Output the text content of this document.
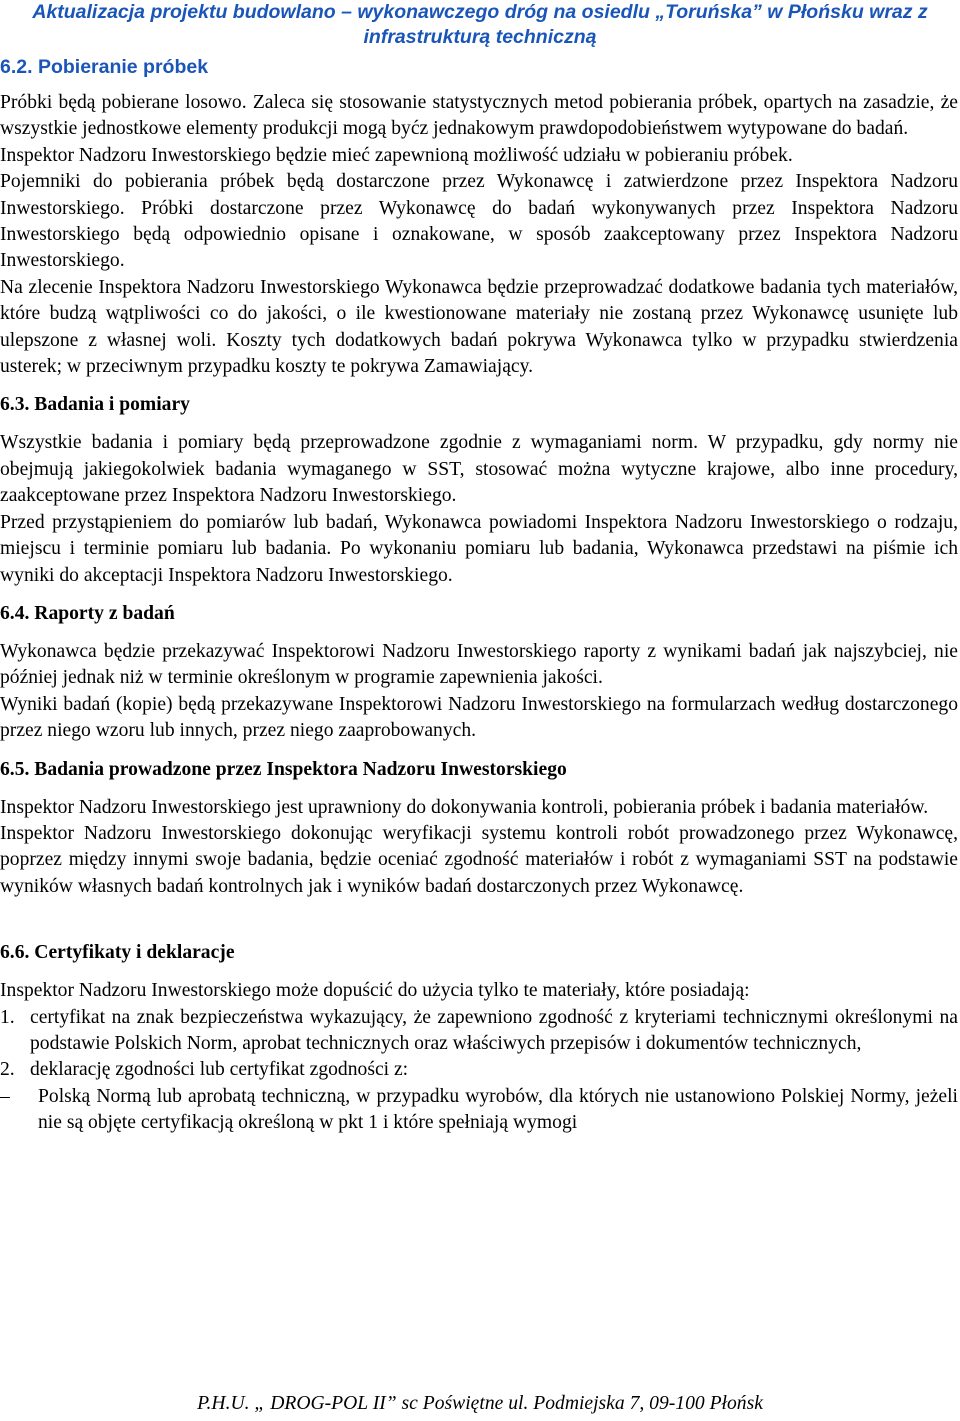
Aktualizacja projektu budowlano – wykonawczego dróg na osiedlu „Toruńska” w Płońsku wraz z
infrastrukturą techniczną
6.2. Pobieranie próbek

Próbki będą pobierane losowo. Zaleca się stosowanie statystycznych metod pobierania próbek, opartych na zasadzie, że wszystkie jednostkowe elementy produkcji mogą byćz jednakowym prawdopodobieństwem wytypowane do badań.

Inspektor Nadzoru Inwestorskiego będzie mieć zapewnioną możliwość udziału w pobieraniu próbek.

Pojemniki do pobierania próbek będą dostarczone przez Wykonawcę i zatwierdzone przez Inspektora Nadzoru Inwestorskiego. Próbki dostarczone przez Wykonawcę do badań wykonywanych przez Inspektora Nadzoru Inwestorskiego będą odpowiednio opisane i oznakowane, w sposób zaakceptowany przez Inspektora Nadzoru Inwestorskiego.

Na zlecenie Inspektora Nadzoru Inwestorskiego Wykonawca będzie przeprowadzać dodatkowe badania tych materiałów, które budzą wątpliwości co do jakości, o ile kwestionowane materiały nie zostaną przez Wykonawcę usunięte lub ulepszone z własnej woli. Koszty tych dodatkowych badań pokrywa Wykonawca tylko w przypadku stwierdzenia usterek; w przeciwnym przypadku koszty te pokrywa Zamawiający.

6.3. Badania i pomiary

Wszystkie badania i pomiary będą przeprowadzone zgodnie z wymaganiami norm. W przypadku, gdy normy nie obejmują jakiegokolwiek badania wymaganego w SST, stosować można wytyczne krajowe, albo inne procedury, zaakceptowane przez Inspektora Nadzoru Inwestorskiego.

Przed przystąpieniem do pomiarów lub badań, Wykonawca powiadomi Inspektora Nadzoru Inwestorskiego o rodzaju, miejscu i terminie pomiaru lub badania. Po wykonaniu pomiaru lub badania, Wykonawca przedstawi na piśmie ich wyniki do akceptacji Inspektora Nadzoru Inwestorskiego.

6.4. Raporty z badań

Wykonawca będzie przekazywać Inspektorowi Nadzoru Inwestorskiego raporty z wynikami badań jak najszybciej, nie później jednak niż w terminie określonym w programie zapewnienia jakości.

Wyniki badań (kopie) będą przekazywane Inspektorowi Nadzoru Inwestorskiego na formularzach według dostarczonego przez niego wzoru lub innych, przez niego zaaprobowanych.

6.5. Badania prowadzone przez Inspektora Nadzoru Inwestorskiego

Inspektor Nadzoru Inwestorskiego jest uprawniony do dokonywania kontroli, pobierania próbek i badania materiałów.

Inspektor Nadzoru Inwestorskiego dokonując weryfikacji systemu kontroli robót prowadzonego przez Wykonawcę, poprzez między innymi swoje badania, będzie oceniać zgodność materiałów i robót z wymaganiami SST na podstawie wyników własnych badań kontrolnych jak i wyników badań dostarczonych przez Wykonawcę.

6.6. Certyfikaty i deklaracje

Inspektor Nadzoru Inwestorskiego może dopuścić do użycia tylko te materiały, które posiadają:

1. certyfikat na znak bezpieczeństwa wykazujący, że zapewniono zgodność z kryteriami technicznymi określonymi na podstawie Polskich Norm, aprobat technicznych oraz właściwych przepisów i dokumentów technicznych,
2. deklarację zgodności lub certyfikat zgodności z:
–	Polską Normą lub aprobatą techniczną, w przypadku wyrobów, dla których nie ustanowiono Polskiej Normy, jeżeli nie są objęte certyfikacją określoną w pkt 1 i które spełniają wymogi
P.H.U. „ DROG-POL II” sc Poświętne ul. Podmiejska 7, 09-100 Płońsk
